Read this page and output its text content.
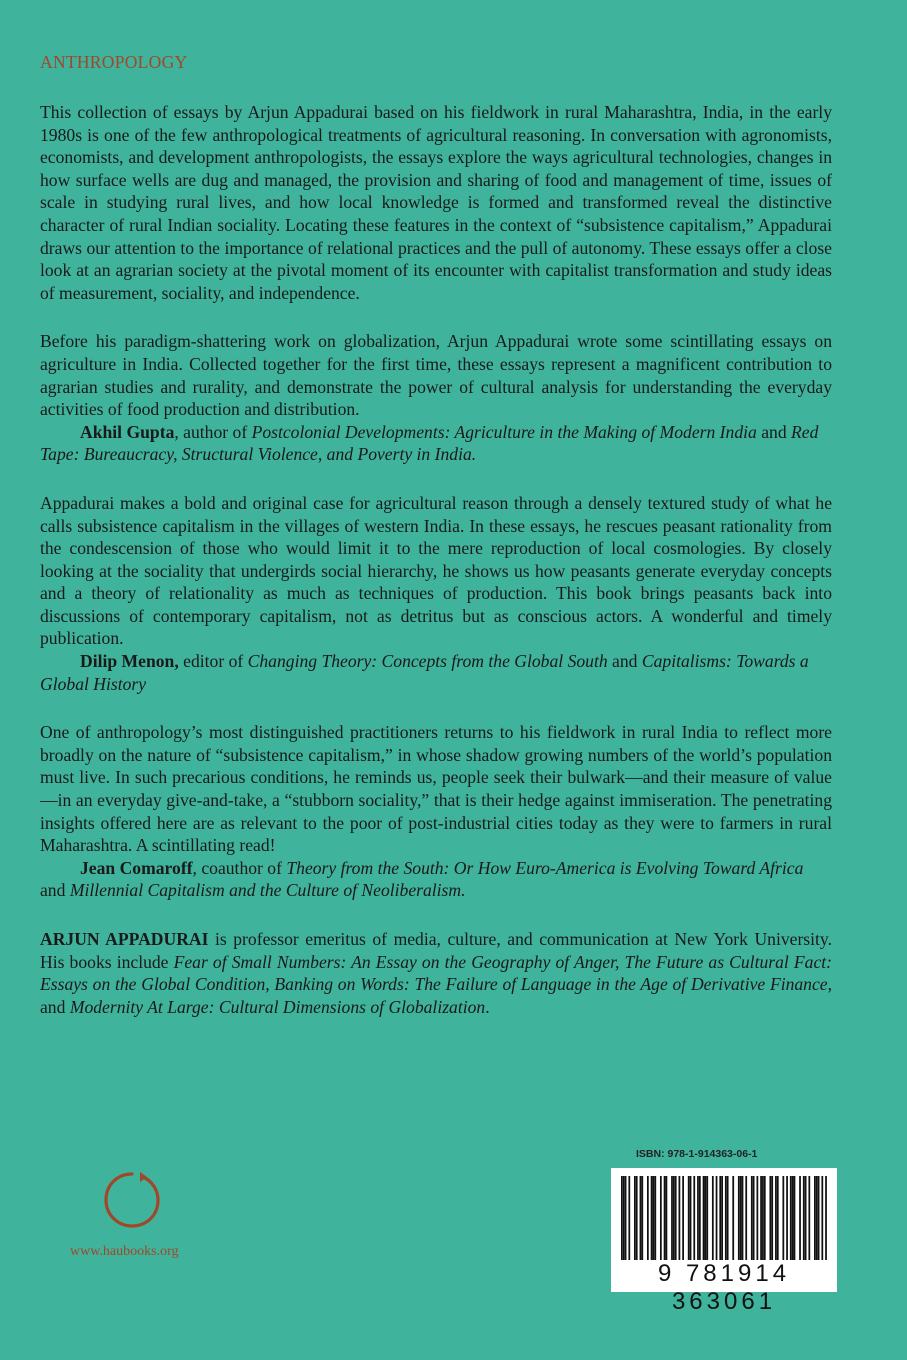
ANTHROPOLOGY

This collection of essays by Arjun Appadurai based on his fieldwork in rural Maharashtra, India, in the early 1980s is one of the few anthropological treatments of agricultural reasoning. In conversation with agronomists, economists, and development anthropologists, the essays explore the ways agricultural technologies, changes in how surface wells are dug and managed, the provision and sharing of food and management of time, issues of scale in studying rural lives, and how local knowledge is formed and transformed reveal the distinctive character of rural Indian sociality. Locating these features in the context of “subsistence capitalism,” Appadurai draws our attention to the importance of relational practices and the pull of autonomy. These essays offer a close look at an agrarian society at the pivotal moment of its encounter with capitalist transformation and study ideas of measurement, sociality, and independence.

Before his paradigm-shattering work on globalization, Arjun Appadurai wrote some scintillating essays on agriculture in India. Collected together for the first time, these essays represent a magnificent contribution to agrarian studies and rurality, and demonstrate the power of cultural analysis for understanding the everyday activities of food production and distribution.

Akhil Gupta, author of Postcolonial Developments: Agriculture in the Making of Modern India and Red Tape: Bureaucracy, Structural Violence, and Poverty in India.

Appadurai makes a bold and original case for agricultural reason through a densely textured study of what he calls subsistence capitalism in the villages of western India. In these essays, he rescues peasant rationality from the condescension of those who would limit it to the mere reproduction of local cosmologies. By closely looking at the sociality that undergirds social hierarchy, he shows us how peasants generate everyday concepts and a theory of relationality as much as techniques of production. This book brings peasants back into discussions of contemporary capitalism, not as detritus but as conscious actors. A wonderful and timely publication.

Dilip Menon, editor of Changing Theory: Concepts from the Global South and Capitalisms: Towards a Global History

One of anthropology’s most distinguished practitioners returns to his fieldwork in rural India to reflect more broadly on the nature of “subsistence capitalism,” in whose shadow growing numbers of the world’s population must live. In such precarious conditions, he reminds us, people seek their bulwark—and their measure of value—in an everyday give-and-take, a “stubborn sociality,” that is their hedge against immiseration. The penetrating insights offered here are as relevant to the poor of post-industrial cities today as they were to farmers in rural Maharashtra. A scintillating read!

Jean Comaroff, coauthor of Theory from the South: Or How Euro-America is Evolving Toward Africa and Millennial Capitalism and the Culture of Neoliberalism.

ARJUN APPADURAI is professor emeritus of media, culture, and communication at New York University. His books include Fear of Small Numbers: An Essay on the Geography of Anger, The Future as Cultural Fact: Essays on the Global Condition, Banking on Words: The Failure of Language in the Age of Derivative Finance, and Modernity At Large: Cultural Dimensions of Globalization.

www.haubooks.org
ISBN: 978-1-914363-06-1
9 781914 363061
